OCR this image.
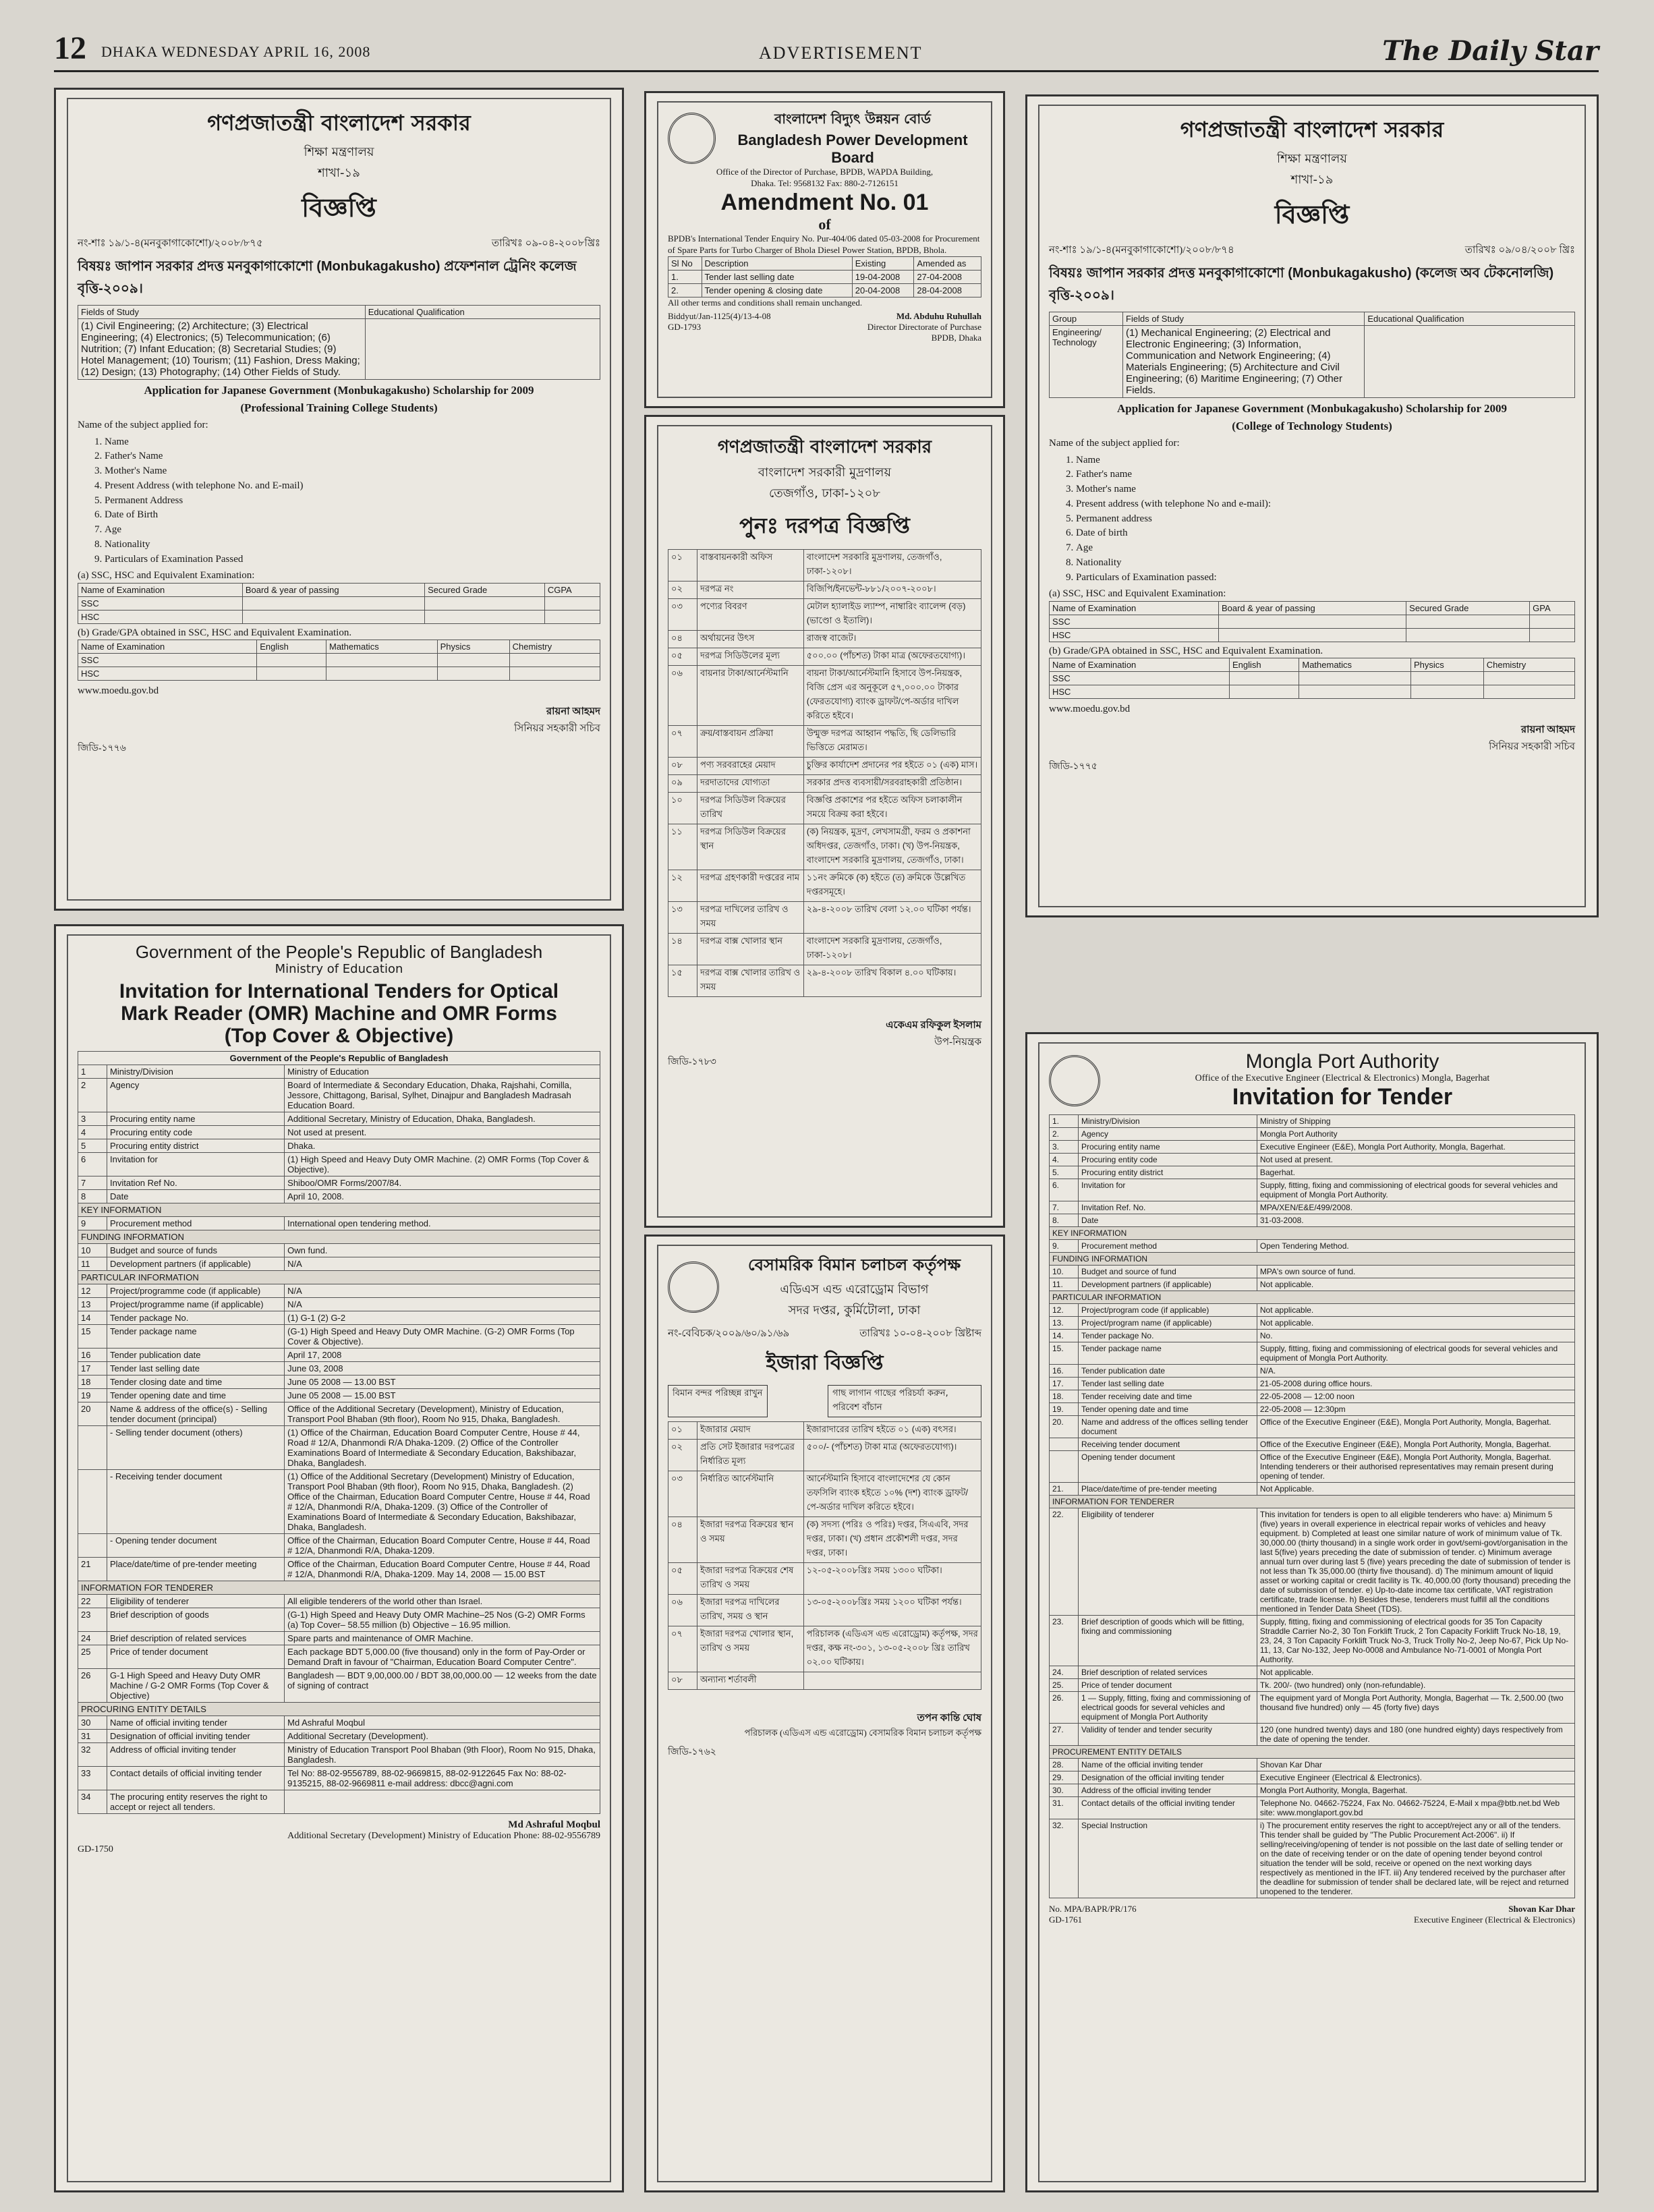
12 DHAKA WEDNESDAY APRIL 16, 2008	ADVERTISEMENT	The Daily Star
গণপ্রজাতন্ত্রী বাংলাদেশ সরকার
শিক্ষা মন্ত্রণালয়
শাখা-১৯
বিজ্ঞপ্তি
নং-শাঃ ১৯/১-৪(মনবুকাগাকোশো)/২০০৮/৮৭৫	তারিখঃ ০৯-০৪-২০০৮খ্রিঃ
বিষয়ঃ জাপান সরকার প্রদত্ত মনবুকাগাকোশো (Monbukagakusho) প্রফেশনাল ট্রেনিং কলেজ বৃত্তি-২০০৯।
Fields of Study	Educational Qualification
(1) Civil Engineering; (2) Architecture; (3) Electrical Engineering; (4) Electronics; (5) Telecommunication; (6) Nutrition; (7) Infant Education; (8) Secretarial Studies; (9) Hotel Management; (10) Tourism; (11) Fashion, Dress Making; (12) Design; (13) Photography; (14) Other Fields of Study.	
Application for Japanese Government (Monbukagakusho) Scholarship for 2009
(Professional Training College Students)
Name of the subject applied for:
1. Name
2. Father's Name
3. Mother's Name
4. Present Address (with telephone No. and E-mail)
5. Permanent Address
6. Date of Birth
7. Age
8. Nationality
9. Particulars of Examination Passed
(a) SSC, HSC and Equivalent Examination:
Name of Examination	Board & year of passing	Secured Grade	CGPA
SSC			
HSC			
(b) Grade/GPA obtained in SSC, HSC and Equivalent Examination.
Name of Examination	English	Mathematics	Physics	Chemistry
SSC				
HSC				
www.moedu.gov.bd
রায়না আহমদ
সিনিয়র সহকারী সচিব
জিডি-১৭৭৬
Government of the People's Republic of Bangladesh
Ministry of Education
Invitation for International Tenders for Optical Mark Reader (OMR) Machine and OMR Forms (Top Cover & Objective)
Government of the People's Republic of Bangladesh		
1	Ministry/Division	Ministry of Education
2	Agency	Board of Intermediate & Secondary Education, Dhaka, Rajshahi, Comilla, Jessore, Chittagong, Barisal, Sylhet, Dinajpur and Bangladesh Madrasah Education Board.
3	Procuring entity name	Additional Secretary, Ministry of Education, Dhaka, Bangladesh.
4	Procuring entity code	Not used at present.
5	Procuring entity district	Dhaka.
6	Invitation for	(1) High Speed and Heavy Duty OMR Machine. (2) OMR Forms (Top Cover & Objective).
7	Invitation Ref No.	Shiboo/OMR Forms/2007/84.
8	Date	April 10, 2008.
KEY INFORMATION		
9	Procurement method	International open tendering method.
FUNDING INFORMATION		
10	Budget and source of funds	Own fund.
11	Development partners (if applicable)	N/A
PARTICULAR INFORMATION		
12	Project/programme code (if applicable)	N/A
13	Project/programme name (if applicable)	N/A
14	Tender package No.	(1) G-1 (2) G-2
15	Tender package name	(G-1) High Speed and Heavy Duty OMR Machine. (G-2) OMR Forms (Top Cover & Objective).
16	Tender publication date	April 17, 2008
17	Tender last selling date	June 03, 2008
18	Tender closing date and time	June 05 2008 — 13.00 BST
19	Tender opening date and time	June 05 2008 — 15.00 BST
20	Name & address of the office(s) - Selling tender document (principal)	Office of the Additional Secretary (Development), Ministry of Education, Transport Pool Bhaban (9th floor), Room No 915, Dhaka, Bangladesh.
	- Selling tender document (others)	(1) Office of the Chairman, Education Board Computer Centre, House # 44, Road # 12/A, Dhanmondi R/A Dhaka-1209. (2) Office of the Controller Examinations Board of Intermediate & Secondary Education, Bakshibazar, Dhaka, Bangladesh.
	- Receiving tender document	(1) Office of the Additional Secretary (Development) Ministry of Education, Transport Pool Bhaban (9th floor), Room No 915, Dhaka, Bangladesh. (2) Office of the Chairman, Education Board Computer Centre, House # 44, Road # 12/A, Dhanmondi R/A, Dhaka-1209. (3) Office of the Controller of Examinations Board of Intermediate & Secondary Education, Bakshibazar, Dhaka, Bangladesh.
	- Opening tender document	Office of the Chairman, Education Board Computer Centre, House # 44, Road # 12/A, Dhanmondi R/A, Dhaka-1209.
21	Place/date/time of pre-tender meeting	Office of the Chairman, Education Board Computer Centre, House # 44, Road # 12/A, Dhanmondi R/A, Dhaka-1209. May 14, 2008 — 15.00 BST
INFORMATION FOR TENDERER		
22	Eligibility of tenderer	All eligible tenderers of the world other than Israel.
23	Brief description of goods	(G-1) High Speed and Heavy Duty OMR Machine–25 Nos (G-2) OMR Forms (a) Top Cover– 58.55 million (b) Objective – 16.95 million.
24	Brief description of related services	Spare parts and maintenance of OMR Machine.
25	Price of tender document	Each package BDT 5,000.00 (five thousand) only in the form of Pay-Order or Demand Draft in favour of "Chairman, Education Board Computer Centre".
26	G-1 High Speed and Heavy Duty OMR Machine / G-2 OMR Forms (Top Cover & Objective)	Bangladesh — BDT 9,00,000.00 / BDT 38,00,000.00 — 12 weeks from the date of signing of contract
PROCURING ENTITY DETAILS		
30	Name of official inviting tender	Md Ashraful Moqbul
31	Designation of official inviting tender	Additional Secretary (Development).
32	Address of official inviting tender	Ministry of Education Transport Pool Bhaban (9th Floor), Room No 915, Dhaka, Bangladesh.
33	Contact details of official inviting tender	Tel No: 88-02-9556789, 88-02-9669815, 88-02-9122645 Fax No: 88-02-9135215, 88-02-9669811 e-mail address: dbcc@agni.com
34	The procuring entity reserves the right to accept or reject all tenders.	
Md Ashraful Moqbul
Additional Secretary (Development) Ministry of Education Phone: 88-02-9556789
GD-1750
বাংলাদেশ বিদ্যুৎ উন্নয়ন বোর্ড
Bangladesh Power Development Board
Office of the Director of Purchase, BPDB, WAPDA Building, Dhaka. Tel: 9568132 Fax: 880-2-7126151
Amendment No. 01
of
BPDB's International Tender Enquiry No. Pur-404/06 dated 05-03-2008 for Procurement of Spare Parts for Turbo Charger of Bhola Diesel Power Station, BPDB, Bhola.
Sl No	Description	Existing	Amended as
1.	Tender last selling date	19-04-2008	27-04-2008
2.	Tender opening & closing date	20-04-2008	28-04-2008
All other terms and conditions shall remain unchanged.
Biddyut/Jan-1125(4)/13-4-08
GD-1793
Md. Abduhu Ruhullah
Director Directorate of Purchase BPDB, Dhaka
গণপ্রজাতন্ত্রী বাংলাদেশ সরকার
বাংলাদেশ সরকারী মুদ্রণালয়
তেজগাঁও, ঢাকা-১২০৮
পুনঃ দরপত্র বিজ্ঞপ্তি
০১	বাস্তবায়নকারী অফিস	বাংলাদেশ সরকারি মুদ্রণালয়, তেজগাঁও, ঢাকা-১২০৮।
০২	দরপত্র নং	বিজিপি/ইনভেন্ট-৮৮১/২০০৭-২০০৮।
০৩	পণ্যের বিবরণ	মেটাল হ্যালাইড ল্যাম্প, নাম্বারিং ব্যালেন্স (বড়) (ভাণ্ডো ও ইতালি)।
০৪	অর্থায়নের উৎস	রাজস্ব বাজেট।
০৫	দরপত্র সিডিউলের মূল্য	৫০০.০০ (পাঁচশত) টাকা মাত্র (অফেরতযোগ্য)।
০৬	বায়নার টাকা/আর্নেস্টমানি	বায়না টাকা/আর্নেস্টমানি হিসাবে উপ-নিয়ন্ত্রক, বিজি প্রেস এর অনুকূলে ৫৭,০০০.০০ টাকার (ফেরতযোগ্য) ব্যাংক ড্রাফট/পে-অর্ডার দাখিল করিতে হইবে।
০৭	ক্রয়/বাস্তবায়ন প্রক্রিয়া	উন্মুক্ত দরপত্র আহ্বান পদ্ধতি, ছি ডেলিভারি ভিত্তিতে মেরামত।
০৮	পণ্য সরবরাহের মেয়াদ	চুক্তির কার্যাদেশ প্রদানের পর হইতে ০১ (এক) মাস।
০৯	দরদাতাদের যোগ্যতা	সরকার প্রদত্ত ব্যবসায়ী/সরবরাহকারী প্রতিষ্ঠান।
১০	দরপত্র সিডিউল বিক্রয়ের তারিখ	বিজ্ঞপ্তি প্রকাশের পর হইতে অফিস চলাকালীন সময়ে বিক্রয় করা হইবে।
১১	দরপত্র সিডিউল বিক্রয়ের স্থান	(ক) নিয়ন্ত্রক, মুদ্রণ, লেখসামগ্রী, ফরম ও প্রকাশনা অধিদপ্তর, তেজগাঁও, ঢাকা। (খ) উপ-নিয়ন্ত্রক, বাংলাদেশ সরকারি মুদ্রণালয়, তেজগাঁও, ঢাকা।
১২	দরপত্র গ্রহণকারী দপ্তরের নাম	১১নং ক্রমিকে (ক) হইতে (ত) ক্রমিকে উল্লেখিত দপ্তরসমূহে।
১৩	দরপত্র দাখিলের তারিখ ও সময়	২৯-৪-২০০৮ তারিখ বেলা ১২.০০ ঘটিকা পর্যন্ত।
১৪	দরপত্র বাক্স খোলার স্থান	বাংলাদেশ সরকারি মুদ্রণালয়, তেজগাঁও, ঢাকা-১২০৮।
১৫	দরপত্র বাক্স খোলার তারিখ ও সময়	২৯-৪-২০০৮ তারিখ বিকাল ৪.০০ ঘটিকায়।
একেএম রফিকুল ইসলাম
উপ-নিয়ন্ত্রক
জিডি-১৭৮৩
বেসামরিক বিমান চলাচল কর্তৃপক্ষ
এডিএস এন্ড এরোড্রোম বিভাগ
সদর দপ্তর, কুর্মিটোলা, ঢাকা
নং-বেবিচক/২০০৯/৬০/৯১/৬৯	তারিখঃ ১০-০৪-২০০৮ খ্রিষ্টাব্দ
ইজারা বিজ্ঞপ্তি
বিমান বন্দর পরিচ্ছন্ন রাখুন	গাছ লাগান গাছের পরিচর্যা করুন, পরিবেশ বাঁচান
০১	ইজারার মেয়াদ	ইজারাদারের তারিখ হইতে ০১ (এক) বৎসর।
০২	প্রতি সেট ইজারার দরপত্রের নির্ধারিত মূল্য	৫০০/- (পাঁচশত) টাকা মাত্র (অফেরতযোগ্য)।
০৩	নির্ধারিত আর্নেস্টমানি	আর্নেস্টমানি হিসাবে বাংলাদেশের যে কোন তফসিলি ব্যাংক হইতে ১০% (দশ) ব্যাংক ড্রাফট/পে-অর্ডার দাখিল করিতে হইবে।
০৪	ইজারা দরপত্র বিক্রয়ের স্থান ও সময়	(ক) সদস্য (পরিঃ ও পরিঃ) দপ্তর, সিএএবি, সদর দপ্তর, ঢাকা। (খ) প্রধান প্রকৌশলী দপ্তর, সদর দপ্তর, ঢাকা।
০৫	ইজারা দরপত্র বিক্রয়ের শেষ তারিখ ও সময়	১২-০৫-২০০৮খ্রিঃ সময় ১৩০০ ঘটিকা।
০৬	ইজারা দরপত্র দাখিলের তারিখ, সময় ও স্থান	১৩-০৫-২০০৮খ্রিঃ সময় ১২০০ ঘটিকা পর্যন্ত।
০৭	ইজারা দরপত্র খোলার স্থান, তারিখ ও সময়	পরিচালক (এডিএস এন্ড এরোড্রোম) কর্তৃপক্ষ, সদর দপ্তর, কক্ষ নং-৩০১, ১৩-০৫-২০০৮ খ্রিঃ তারিখ ০২.০০ ঘটিকায়।
০৮	অন্যান্য শর্তাবলী	
তপন কান্তি ঘোষ
পরিচালক (এডিএস এন্ড এরোড্রোম) বেসামরিক বিমান চলাচল কর্তৃপক্ষ
জিডি-১৭৬২
গণপ্রজাতন্ত্রী বাংলাদেশ সরকার
শিক্ষা মন্ত্রণালয়
শাখা-১৯
বিজ্ঞপ্তি
নং-শাঃ ১৯/১-৪(মনবুকাগাকোশো)/২০০৮/৮৭৪	তারিখঃ ০৯/০৪/২০০৮ খ্রিঃ
বিষয়ঃ জাপান সরকার প্রদত্ত মনবুকাগাকোশো (Monbukagakusho) (কলেজ অব টেকনোলজি) বৃত্তি-২০০৯।
Group	Fields of Study	Educational Qualification
Engineering/ Technology	(1) Mechanical Engineering; (2) Electrical and Electronic Engineering; (3) Information, Communication and Network Engineering; (4) Materials Engineering; (5) Architecture and Civil Engineering; (6) Maritime Engineering; (7) Other Fields.	
Application for Japanese Government (Monbukagakusho) Scholarship for 2009
(College of Technology Students)
Name of the subject applied for:
1. Name
2. Father's name
3. Mother's name
4. Present address (with telephone No and e-mail):
5. Permanent address
6. Date of birth
7. Age
8. Nationality
9. Particulars of Examination passed:
(a) SSC, HSC and Equivalent Examination:
Name of Examination	Board & year of passing	Secured Grade	GPA
SSC			
HSC			
(b) Grade/GPA obtained in SSC, HSC and Equivalent Examination.
Name of Examination	English	Mathematics	Physics	Chemistry
SSC				
HSC				
www.moedu.gov.bd
রায়না আহমদ
সিনিয়র সহকারী সচিব
জিডি-১৭৭৫
Mongla Port Authority
Office of the Executive Engineer (Electrical & Electronics) Mongla, Bagerhat
Invitation for Tender
1.	Ministry/Division	Ministry of Shipping
2.	Agency	Mongla Port Authority
3.	Procuring entity name	Executive Engineer (E&E), Mongla Port Authority, Mongla, Bagerhat.
4.	Procuring entity code	Not used at present.
5.	Procuring entity district	Bagerhat.
6.	Invitation for	Supply, fitting, fixing and commissioning of electrical goods for several vehicles and equipment of Mongla Port Authority.
7.	Invitation Ref. No.	MPA/XEN/E&E/499/2008.
8.	Date	31-03-2008.
KEY INFORMATION		
9.	Procurement method	Open Tendering Method.
FUNDING INFORMATION		
10.	Budget and source of fund	MPA's own source of fund.
11.	Development partners (if applicable)	Not applicable.
PARTICULAR INFORMATION		
12.	Project/program code (if applicable)	Not applicable.
13.	Project/program name (if applicable)	Not applicable.
14.	Tender package No.	No.
15.	Tender package name	Supply, fitting, fixing and commissioning of electrical goods for several vehicles and equipment of Mongla Port Authority.
16.	Tender publication date	N/A.
17.	Tender last selling date	21-05-2008 during office hours.
18.	Tender receiving date and time	22-05-2008 — 12:00 noon
19.	Tender opening date and time	22-05-2008 — 12:30pm
20.	Name and address of the offices selling tender document	Office of the Executive Engineer (E&E), Mongla Port Authority, Mongla, Bagerhat.
	Receiving tender document	Office of the Executive Engineer (E&E), Mongla Port Authority, Mongla, Bagerhat.
	Opening tender document	Office of the Executive Engineer (E&E), Mongla Port Authority, Mongla, Bagerhat. Intending tenderers or their authorised representatives may remain present during opening of tender.
21.	Place/date/time of pre-tender meeting	Not Applicable.
INFORMATION FOR TENDERER		
22.	Eligibility of tenderer	This invitation for tenders is open to all eligible tenderers who have: a) Minimum 5 (five) years in overall experience in electrical repair works of vehicles and heavy equipment. b) Completed at least one similar nature of work of minimum value of Tk. 30,000.00 (thirty thousand) in a single work order in govt/semi-govt/organisation in the last 5(five) years preceding the date of submission of tender. c) Minimum average annual turn over during last 5 (five) years preceding the date of submission of tender is not less than Tk 35,000.00 (thirty five thousand). d) The minimum amount of liquid asset or working capital or credit facility is Tk. 40,000.00 (forty thousand) preceding the date of submission of tender. e) Up-to-date income tax certificate, VAT registration certificate, trade license. h) Besides these, tenderers must fulfill all the conditions mentioned in Tender Data Sheet (TDS).
23.	Brief description of goods which will be fitting, fixing and commissioning	Supply, fitting, fixing and commissioning of electrical goods for 35 Ton Capacity Straddle Carrier No-2, 30 Ton Forklift Truck, 2 Ton Capacity Forklift Truck No-18, 19, 23, 24, 3 Ton Capacity Forklift Truck No-3, Truck Trolly No-2, Jeep No-67, Pick Up No-11, 13, Car No-132, Jeep No-0008 and Ambulance No-71-0001 of Mongla Port Authority.
24.	Brief description of related services	Not applicable.
25.	Price of tender document	Tk. 200/- (two hundred) only (non-refundable).
26.	1 — Supply, fitting, fixing and commissioning of electrical goods for several vehicles and equipment of Mongla Port Authority	The equipment yard of Mongla Port Authority, Mongla, Bagerhat — Tk. 2,500.00 (two thousand five hundred) only — 45 (forty five) days
27.	Validity of tender and tender security	120 (one hundred twenty) days and 180 (one hundred eighty) days respectively from the date of opening the tender.
PROCUREMENT ENTITY DETAILS		
28.	Name of the official inviting tender	Shovan Kar Dhar
29.	Designation of the official inviting tender	Executive Engineer (Electrical & Electronics).
30.	Address of the official inviting tender	Mongla Port Authority, Mongla, Bagerhat.
31.	Contact details of the official inviting tender	Telephone No. 04662-75224, Fax No. 04662-75224, E-Mail x mpa@btb.net.bd Web site: www.monglaport.gov.bd
32.	Special Instruction	i) The procurement entity reserves the right to accept/reject any or all of the tenders. This tender shall be guided by "The Public Procurement Act-2006". ii) If selling/receiving/opening of tender is not possible on the last date of selling tender or on the date of receiving tender or on the date of opening tender beyond control situation the tender will be sold, receive or opened on the next working days respectively as mentioned in the IFT. iii) Any tendered received by the purchaser after the deadline for submission of tender shall be declared late, will be reject and returned unopened to the tenderer.
No. MPA/BAPR/PR/176
GD-1761
Shovan Kar Dhar
Executive Engineer (Electrical & Electronics)
